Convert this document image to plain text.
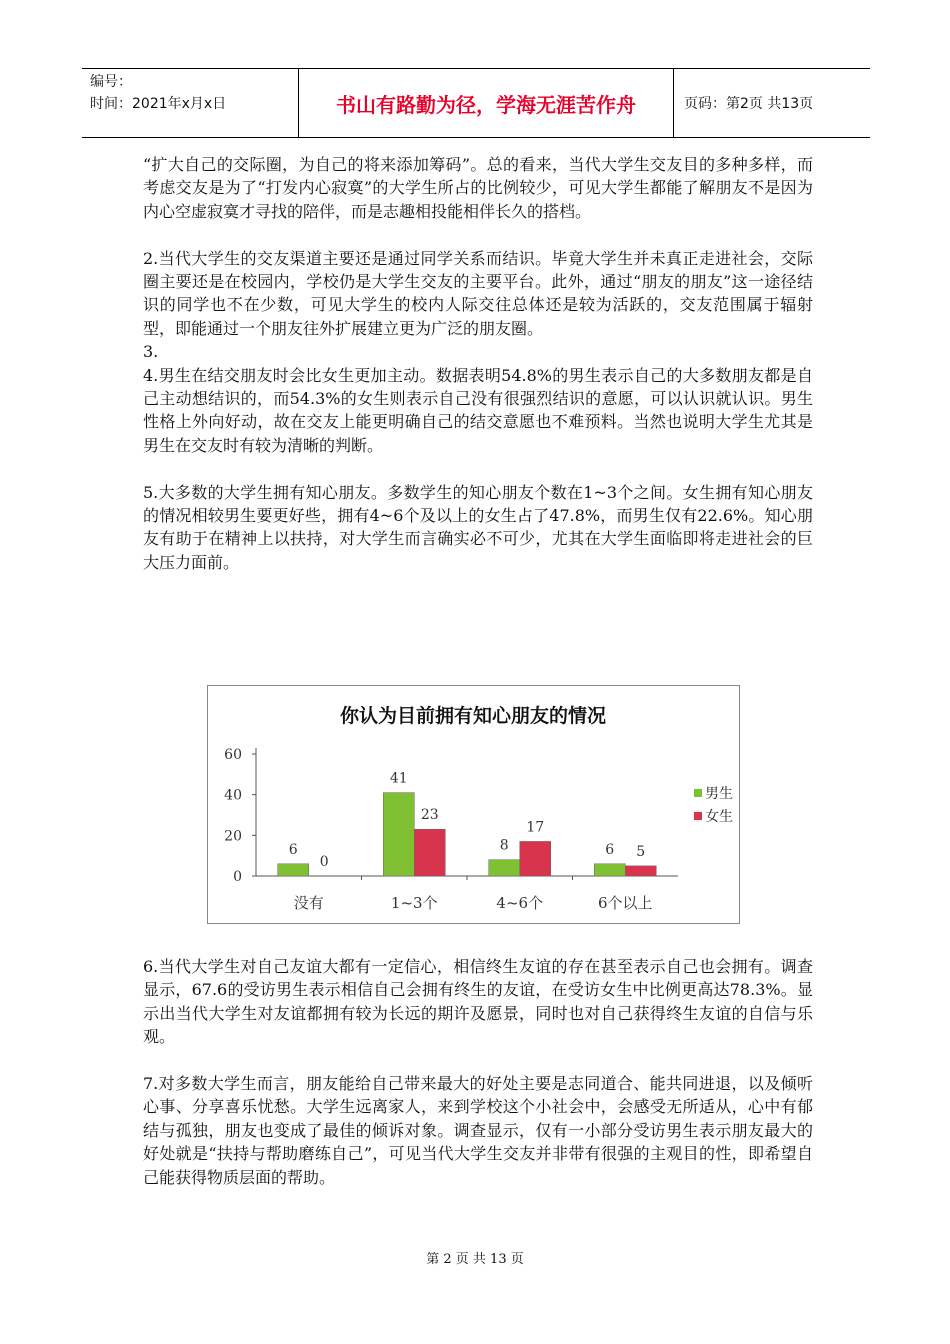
编号：
时间：2021年x月x日	书山有路勤为径，学海无涯苦作舟	页码：第2页 共13页

“扩大自己的交际圈，为自己的将来添加筹码”。总的看来，当代大学生交友目的多种多样，而考虑交友是为了“打发内心寂寞”的大学生所占的比例较少，可见大学生都能了解朋友不是因为内心空虚寂寞才寻找的陪伴，而是志趣相投能相伴长久的搭档。

2.当代大学生的交友渠道主要还是通过同学关系而结识。毕竟大学生并未真正走进社会，交际圈主要还是在校园内，学校仍是大学生交友的主要平台。此外，通过“朋友的朋友”这一途径结识的同学也不在少数，可见大学生的校内人际交往总体还是较为活跃的，交友范围属于辐射型，即能通过一个朋友往外扩展建立更为广泛的朋友圈。

3.

4.男生在结交朋友时会比女生更加主动。数据表明54.8%的男生表示自己的大多数朋友都是自己主动想结识的，而54.3%的女生则表示自己没有很强烈结识的意愿，可以认识就认识。男生性格上外向好动，故在交友上能更明确自己的结交意愿也不难预料。当然也说明大学生尤其是男生在交友时有较为清晰的判断。

5.大多数的大学生拥有知心朋友。多数学生的知心朋友个数在1~3个之间。女生拥有知心朋友的情况相较男生要更好些，拥有4~6个及以上的女生占了47.8%，而男生仅有22.6%。知心朋友有助于在精神上以扶持，对大学生而言确实必不可少，尤其在大学生面临即将走进社会的巨大压力面前。

你认为目前拥有知心朋友的情况
0
20
40
60
6
0
没有
41
23
1~3个
8
17
4~6个
6 5
6个以上
男生
女生

6.当代大学生对自己友谊大都有一定信心，相信终生友谊的存在甚至表示自己也会拥有。调查显示，67.6的受访男生表示相信自己会拥有终生的友谊，在受访女生中比例更高达78.3%。显示出当代大学生对友谊都拥有较为长远的期许及愿景，同时也对自己获得终生友谊的自信与乐观。

7.对多数大学生而言，朋友能给自己带来最大的好处主要是志同道合、能共同进退，以及倾听心事、分享喜乐忧愁。大学生远离家人，来到学校这个小社会中，会感受无所适从，心中有郁结与孤独，朋友也变成了最佳的倾诉对象。调查显示，仅有一小部分受访男生表示朋友最大的好处就是“扶持与帮助磨练自己”，可见当代大学生交友并非带有很强的主观目的性，即希望自己能获得物质层面的帮助。

第 2 页 共 13 页
